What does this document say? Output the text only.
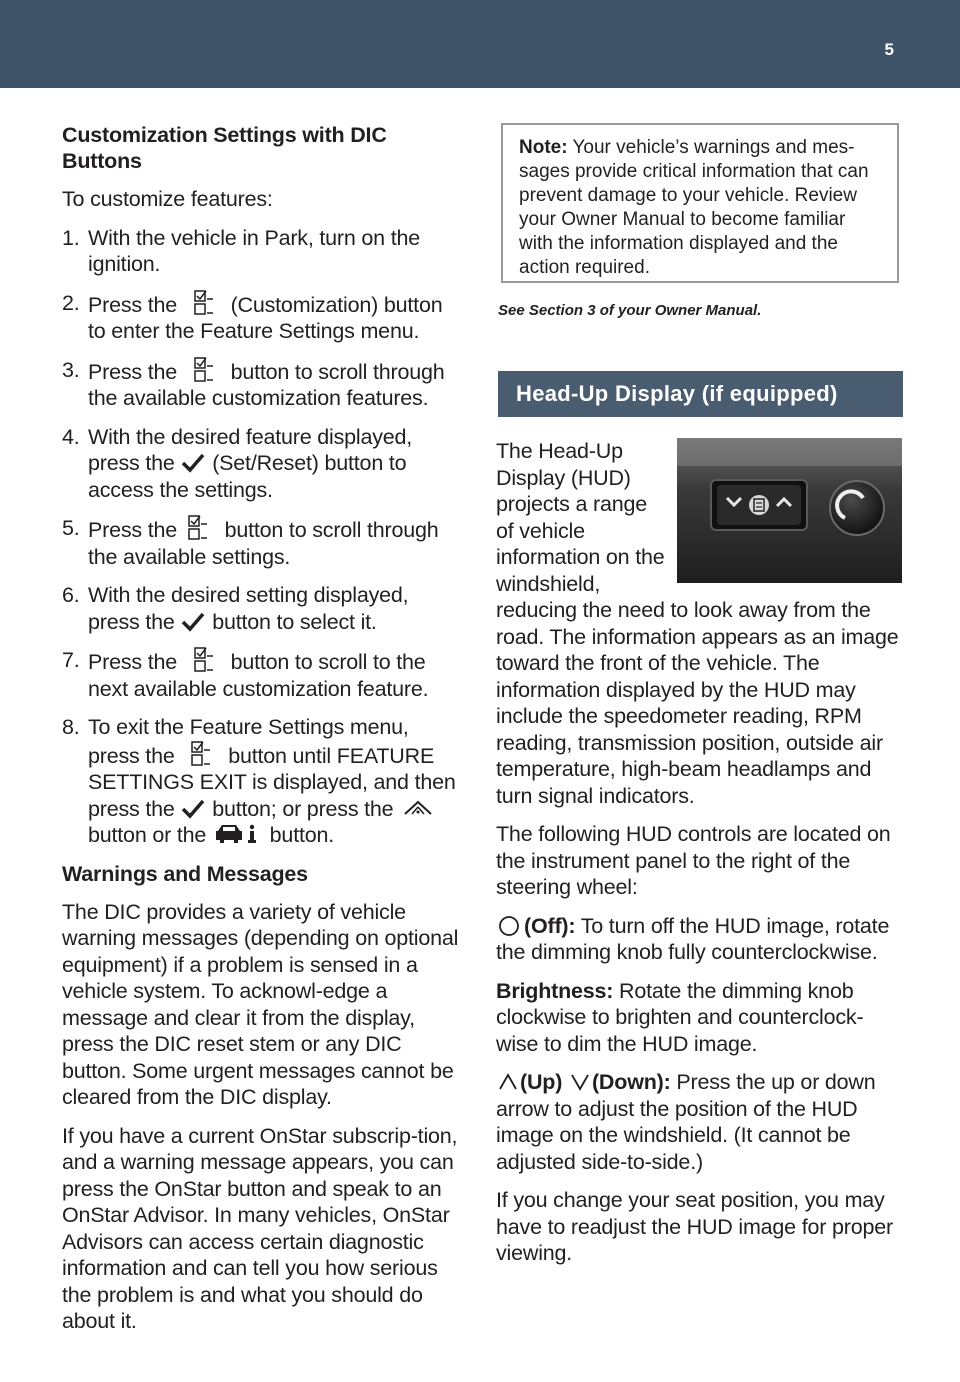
5
Customization Settings with DIC Buttons

To customize features:

1. With the vehicle in Park, turn on the ignition.
2. Press the  (Customization) button to enter the Feature Settings menu.
3. Press the  button to scroll through the available customization features.
4. With the desired feature displayed, press the  (Set/Reset) button to access the settings.
5. Press the  button to scroll through the available settings.
6. With the desired setting displayed, press the  button to select it.
7. Press the  button to scroll to the next available customization feature.
8. To exit the Feature Settings menu, press the  button until FEATURE SETTINGS EXIT is displayed, and then press the  button; or press the  button or the  button.
Warnings and Messages

The DIC provides a variety of vehicle warning messages (depending on optional equipment) if a problem is sensed in a vehicle system. To acknowl-edge a message and clear it from the display, press the DIC reset stem or any DIC button. Some urgent messages cannot be cleared from the DIC display.

If you have a current OnStar subscrip-tion, and a warning message appears, you can press the OnStar button and speak to an OnStar Advisor. In many vehicles, OnStar Advisors can access certain diagnostic information and can tell you how serious the problem is and what you should do about it.

Note: Your vehicle’s warnings and mes-sages provide critical information that can prevent damage to your vehicle. Review your Owner Manual to become familiar with the information displayed and the action required.
See Section 3 of your Owner Manual.
Head-Up Display (if equipped)

The Head-Up Display (HUD) projects a range of vehicle information on the windshield,

reducing the need to look away from the road. The information appears as an image toward the front of the vehicle. The information displayed by the HUD may include the speedometer reading, RPM reading, transmission position, outside air temperature, high-beam headlamps and turn signal indicators.

The following HUD controls are located on the instrument panel to the right of the steering wheel:

(Off): To turn off the HUD image, rotate the dimming knob fully counterclockwise.

Brightness: Rotate the dimming knob clockwise to brighten and counterclock-wise to dim the HUD image.

(Up) (Down): Press the up or down arrow to adjust the position of the HUD image on the windshield. (It cannot be adjusted side-to-side.)

If you change your seat position, you may have to readjust the HUD image for proper viewing.
